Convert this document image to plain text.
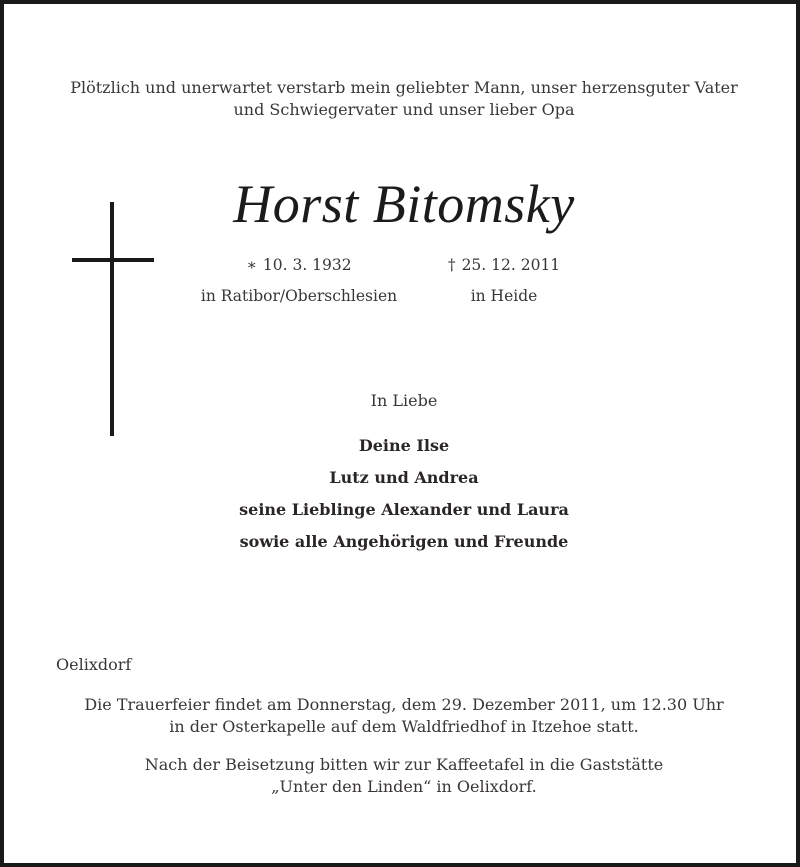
Plötzlich und unerwartet verstarb mein geliebter Mann, unser herzensguter Vater
und Schwiegervater und unser lieber Opa
Horst Bitomsky
∗ 10. 3. 1932	† 25. 12. 2011
in Ratibor/Oberschlesien	in Heide
In Liebe
Deine Ilse
Lutz und Andrea
seine Lieblinge Alexander und Laura
sowie alle Angehörigen und Freunde
Oelixdorf
Die Trauerfeier findet am Donnerstag, dem 29. Dezember 2011, um 12.30 Uhr
in der Osterkapelle auf dem Waldfriedhof in Itzehoe statt.
Nach der Beisetzung bitten wir zur Kaffeetafel in die Gaststätte
„Unter den Linden“ in Oelixdorf.
